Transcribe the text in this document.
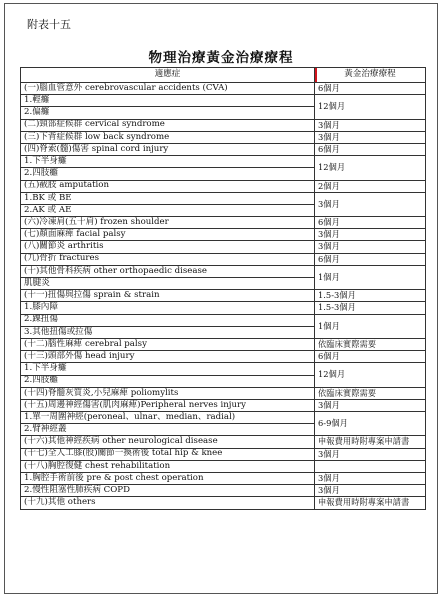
附表十五
物理治療黃金治療療程
適應症	黃金治療療程

(一)腦血管意外 cerebrovascular accidents (CVA)	6個月
1.輕癱	12個月
2.偏癱	
(二)頸部症候群 cervical syndrome	3個月
(三)下背症候群 low back syndrome	3個月
(四)脊索(髓)傷害 spinal cord injury	6個月
1.下半身癱	12個月
2.四肢癱	
(五)截肢 amputation	2個月
1.BK 或 BE	3個月
2.AK 或 AE	
(六)冷凍肩(五十肩) frozen shoulder	6個月
(七)顏面麻痺 facial palsy	3個月
(八)關節炎 arthritis	3個月
(九)骨折 fractures	6個月
(十)其他骨科疾病 other orthopaedic disease	1個月
肌腱炎	
(十一)扭傷與拉傷 sprain & strain	1.5-3個月
1.膝內障	1.5-3個月
2.踝扭傷	1個月
3.其他扭傷或拉傷	
(十二)腦性麻痺 cerebral palsy	依臨床實際需要
(十三)頭部外傷 head injury	6個月
1.下半身癱	12個月
2.四肢癱	
(十四)脊髓灰質炎,小兒麻痺 poliomylits	依臨床實際需要
(十五)周邊神經傷害(肌肉麻痺)Peripheral nerves injury	3個月
1.單一周圍神經(peroneal、ulnar、median、radial)	6-9個月
2.臂神經叢	
(十六)其他神經疾病 other neurological disease	申報費用時附專案申請書
(十七)全人工膝(股)關節一換術後 total hip & knee	3個月
(十八)胸腔復健 chest rehabilitation	
1.胸腔手術前後 pre & post chest operation	3個月
2.慢性阻塞性肺疾病 COPD	3個月
(十九)其他 others	申報費用時附專案申請書
